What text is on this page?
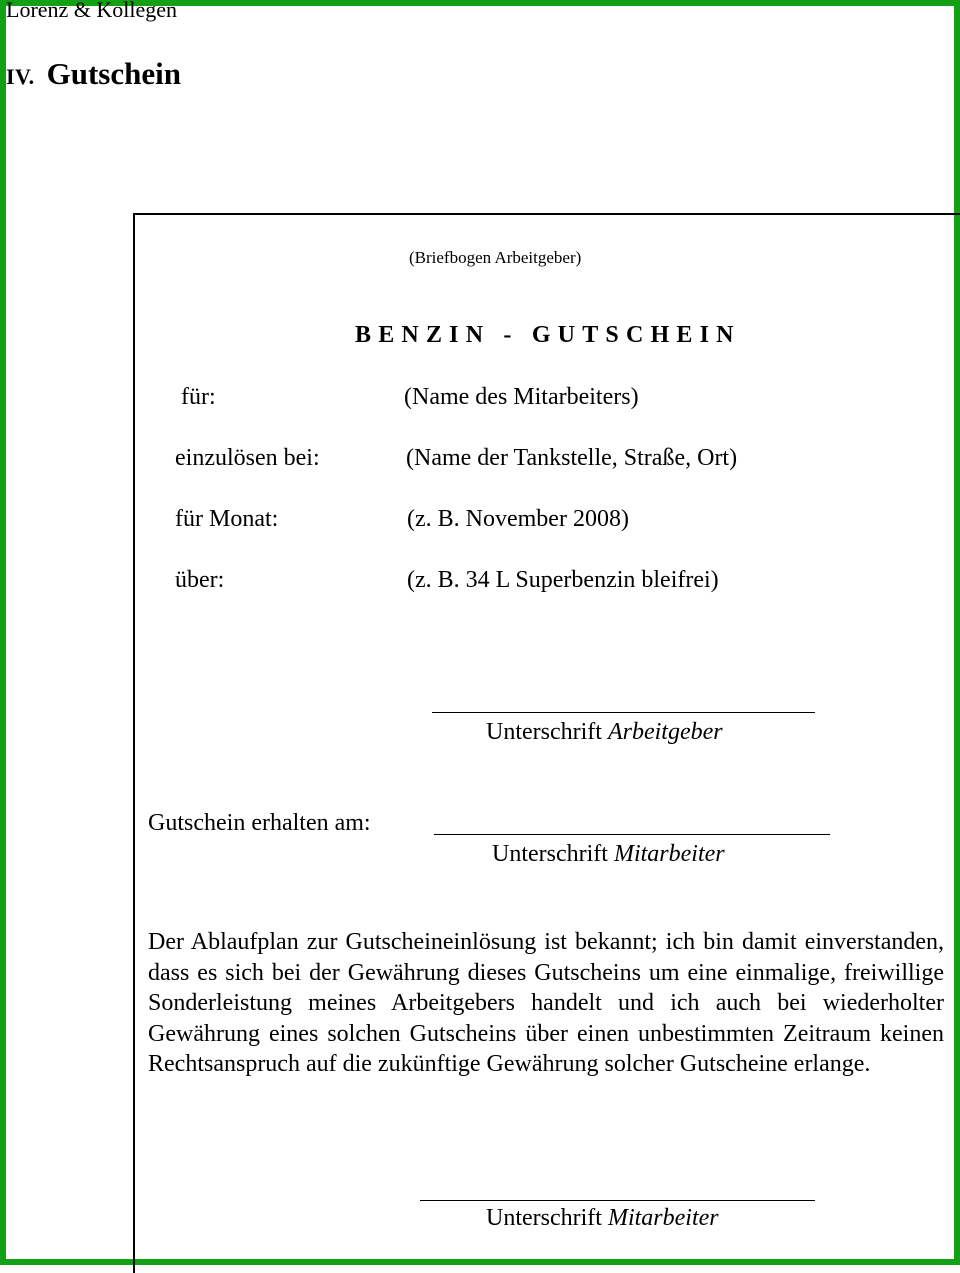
Lorenz & Kollegen
IV. Gutschein
(Briefbogen Arbeitgeber)
BENZIN - GUTSCHEIN
für:	(Name des Mitarbeiters)
einzulösen bei:	(Name der Tankstelle, Straße, Ort)
für Monat:	(z. B. November 2008)
über:	(z. B. 34 L Superbenzin bleifrei)
Unterschrift Arbeitgeber
Gutschein erhalten am:
Unterschrift Mitarbeiter

Der Ablaufplan zur Gutscheineinlösung ist bekannt; ich bin damit einverstanden, dass es sich bei der Gewährung dieses Gutscheins um eine einmalige, freiwillige Sonderleistung meines Arbeitgebers handelt und ich auch bei wiederholter Gewährung eines solchen Gutscheins über einen unbestimmten Zeitraum keinen Rechtsanspruch auf die zukünftige Gewährung solcher Gutscheine erlange.

Unterschrift Mitarbeiter
